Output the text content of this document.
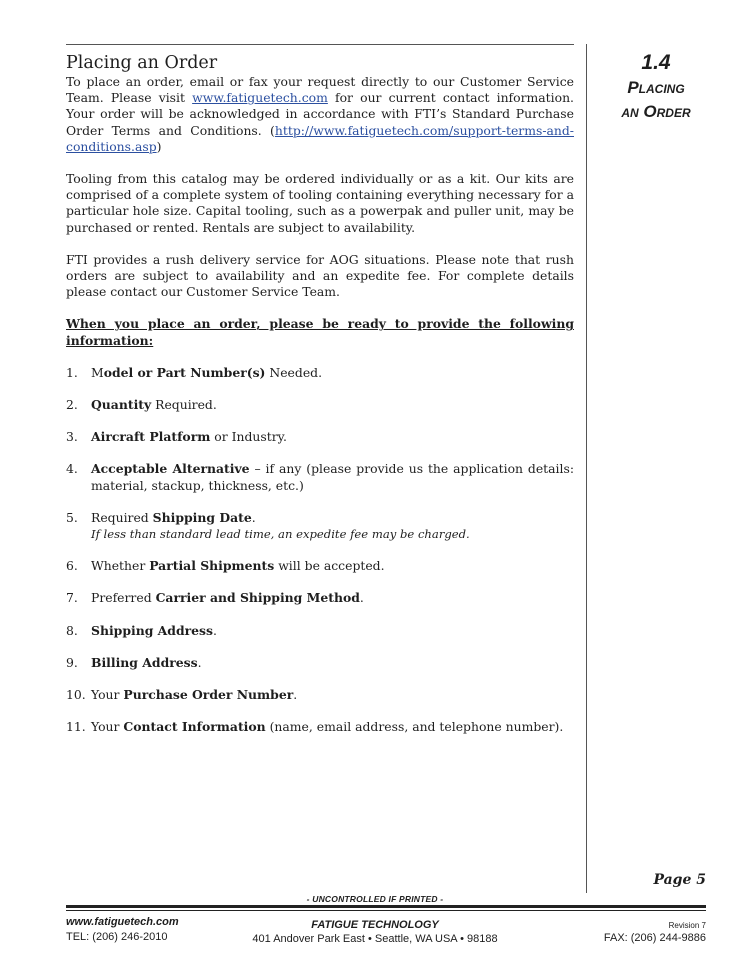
1.4
Placing
an Order
Placing an Order

To place an order, email or fax your request directly to our Customer Service Team. Please visit www.fatiguetech.com for our current contact information. Your order will be acknowledged in accordance with FTI’s Standard Purchase Order Terms and Conditions. (http://www.fatiguetech.com/support-terms-and-conditions.asp)

Tooling from this catalog may be ordered individually or as a kit. Our kits are comprised of a complete system of tooling containing everything necessary for a particular hole size. Capital tooling, such as a powerpak and puller unit, may be purchased or rented. Rentals are subject to availability.

FTI provides a rush delivery service for AOG situations. Please note that rush orders are subject to availability and an expedite fee. For complete details please contact our Customer Service Team.

When you place an order, please be ready to provide the following information:

1. Model or Part Number(s) Needed.
2. Quantity Required.
3. Aircraft Platform or Industry.
4. Acceptable Alternative – if any (please provide us the application details: material, stackup, thickness, etc.)
5. Required Shipping Date.
If less than standard lead time, an expedite fee may be charged.
6. Whether Partial Shipments will be accepted.
7. Preferred Carrier and Shipping Method.
8. Shipping Address.
9. Billing Address.
10. Your Purchase Order Number.
11. Your Contact Information (name, email address, and telephone number).
Page 5
- UNCONTROLLED IF PRINTED -
www.fatiguetech.com
TEL: (206) 246-2010
FATIGUE TECHNOLOGY
401 Andover Park East • Seattle, WA USA • 98188
Revision 7
FAX: (206) 244-9886
